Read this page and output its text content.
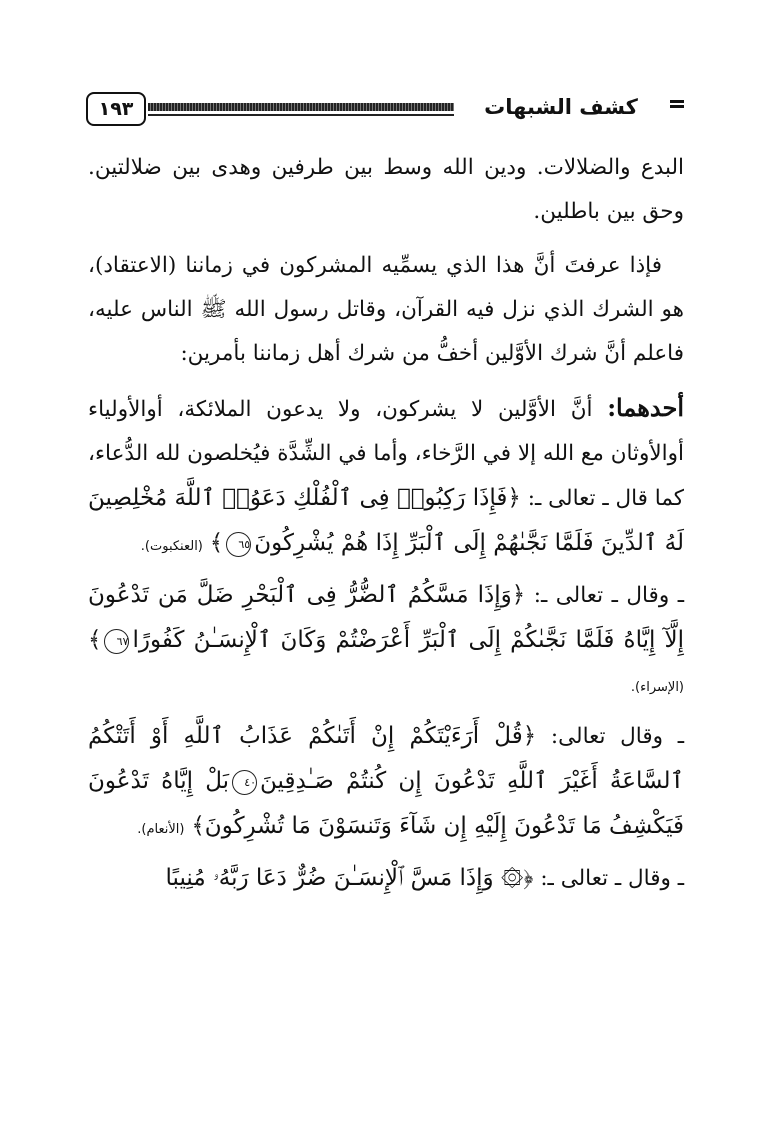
١٩٣	كشف الشبهات

البدع والضلالات. ودين الله وسط بين طرفين وهدى بين ضلالتين. وحق بين باطلين.

فإذا عرفتَ أنَّ هذا الذي يسمِّيه المشركون في زماننا (الاعتقاد)، هو الشرك الذي نزل فيه القرآن، وقاتل رسول الله ﷺ الناس عليه، فاعلم أنَّ شرك الأوَّلين أخفُّ من شرك أهل زماننا بأمرين:

أحدهما: أنَّ الأوَّلين لا يشركون، ولا يدعون الملائكة، أوالأولياء أوالأوثان مع الله إلا في الرَّخاء، وأما في الشِّدَّة فيُخلصون لله الدُّعاء، كما قال ـ تعالى ـ: ﴿فَإِذَا رَكِبُوا۟ فِى ٱلْفُلْكِ دَعَوُا۟ ٱللَّهَ مُخْلِصِينَ لَهُ ٱلدِّينَ فَلَمَّا نَجَّىٰهُمْ إِلَى ٱلْبَرِّ إِذَا هُمْ يُشْرِكُونَ٦٥﴾ (العنكبوت).

ـ وقال ـ تعالى ـ: ﴿وَإِذَا مَسَّكُمُ ٱلضُّرُّ فِى ٱلْبَحْرِ ضَلَّ مَن تَدْعُونَ إِلَّآ إِيَّاهُ فَلَمَّا نَجَّىٰكُمْ إِلَى ٱلْبَرِّ أَعْرَضْتُمْ وَكَانَ ٱلْإِنسَـٰنُ كَفُورًا٦٧﴾ (الإسراء).

ـ وقال تعالى: ﴿قُلْ أَرَءَيْتَكُمْ إِنْ أَتَىٰكُمْ عَذَابُ ٱللَّهِ أَوْ أَتَتْكُمُ ٱلسَّاعَةُ أَغَيْرَ ٱللَّهِ تَدْعُونَ إِن كُنتُمْ صَـٰدِقِينَ٤٠بَلْ إِيَّاهُ تَدْعُونَ فَيَكْشِفُ مَا تَدْعُونَ إِلَيْهِ إِن شَآءَ وَتَنسَوْنَ مَا تُشْرِكُونَ﴾ (الأنعام).

ـ وقال ـ تعالى ـ: ﴿۞ وَإِذَا مَسَّ ٱلْإِنسَـٰنَ ضُرٌّ دَعَا رَبَّهُۥ مُنِيبًا
